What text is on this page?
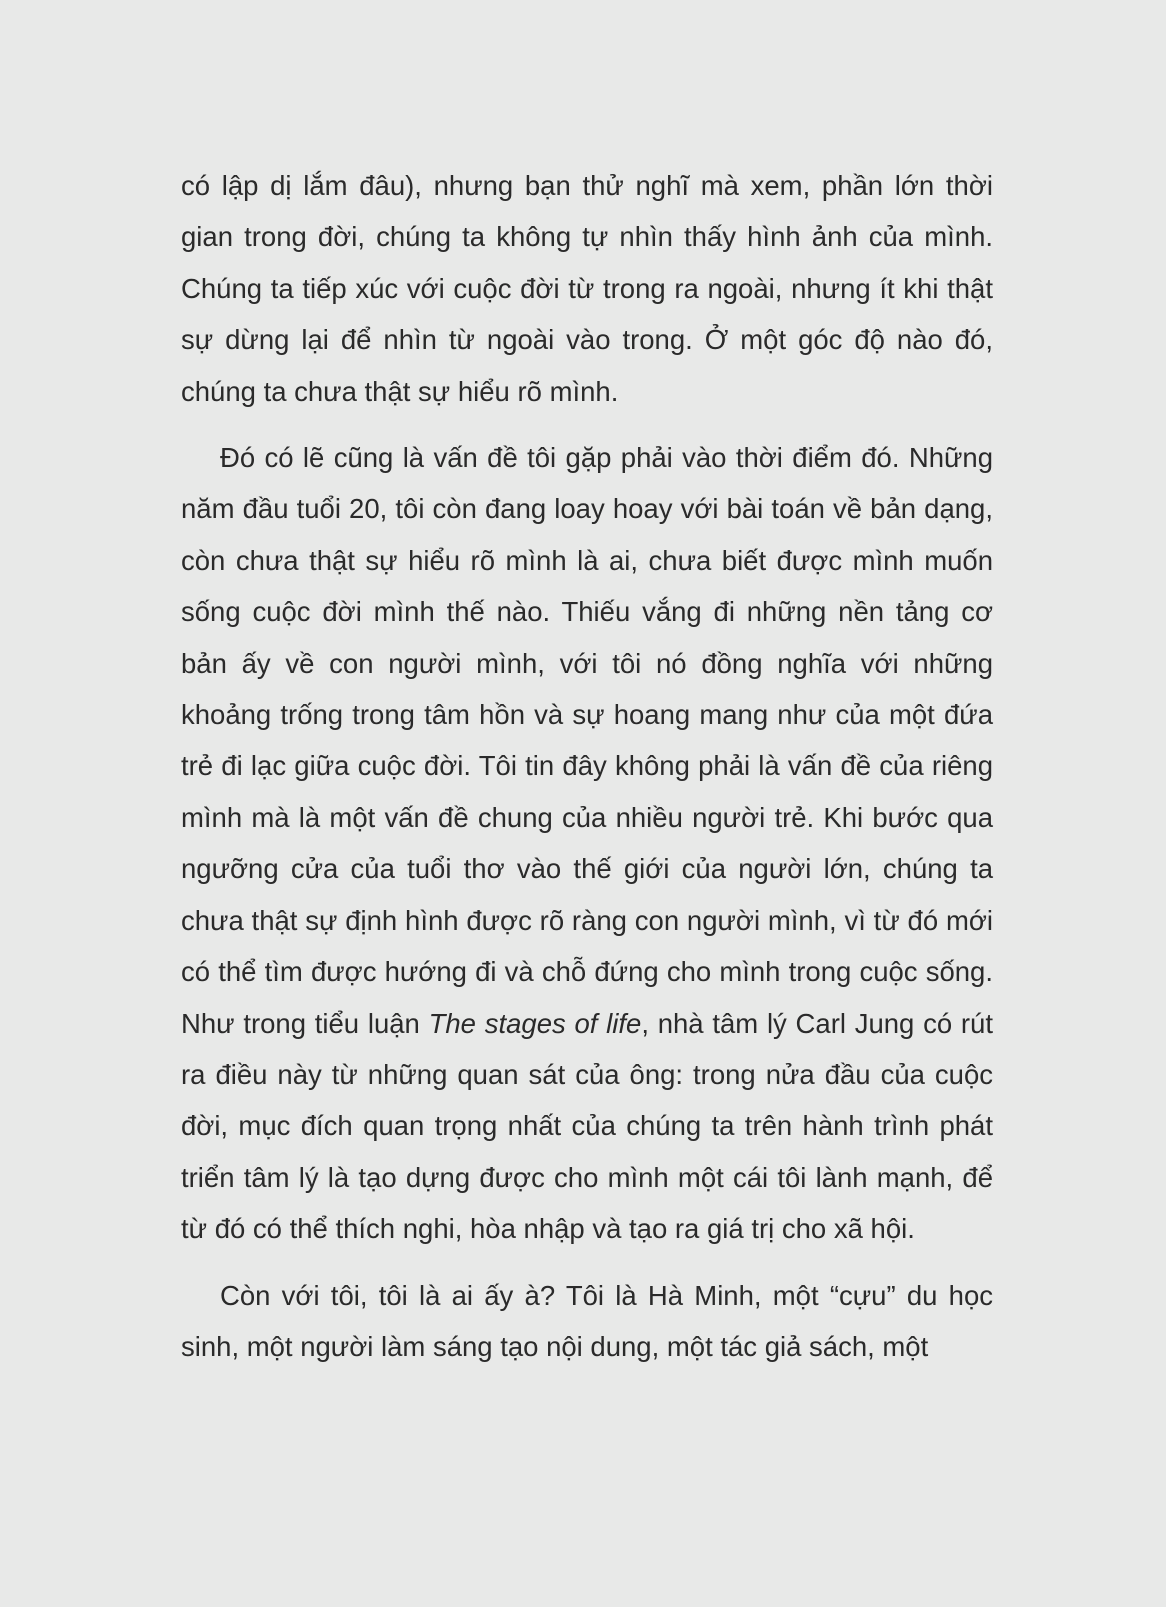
có lập dị lắm đâu), nhưng bạn thử nghĩ mà xem, phần lớn thời gian trong đời, chúng ta không tự nhìn thấy hình ảnh của mình. Chúng ta tiếp xúc với cuộc đời từ trong ra ngoài, nhưng ít khi thật sự dừng lại để nhìn từ ngoài vào trong. Ở một góc độ nào đó, chúng ta chưa thật sự hiểu rõ mình.

Đó có lẽ cũng là vấn đề tôi gặp phải vào thời điểm đó. Những năm đầu tuổi 20, tôi còn đang loay hoay với bài toán về bản dạng, còn chưa thật sự hiểu rõ mình là ai, chưa biết được mình muốn sống cuộc đời mình thế nào. Thiếu vắng đi những nền tảng cơ bản ấy về con người mình, với tôi nó đồng nghĩa với những khoảng trống trong tâm hồn và sự hoang mang như của một đứa trẻ đi lạc giữa cuộc đời. Tôi tin đây không phải là vấn đề của riêng mình mà là một vấn đề chung của nhiều người trẻ. Khi bước qua ngưỡng cửa của tuổi thơ vào thế giới của người lớn, chúng ta chưa thật sự định hình được rõ ràng con người mình, vì từ đó mới có thể tìm được hướng đi và chỗ đứng cho mình trong cuộc sống. Như trong tiểu luận The stages of life, nhà tâm lý Carl Jung có rút ra điều này từ những quan sát của ông: trong nửa đầu của cuộc đời, mục đích quan trọng nhất của chúng ta trên hành trình phát triển tâm lý là tạo dựng được cho mình một cái tôi lành mạnh, để từ đó có thể thích nghi, hòa nhập và tạo ra giá trị cho xã hội.

Còn với tôi, tôi là ai ấy à? Tôi là Hà Minh, một “cựu” du học sinh, một người làm sáng tạo nội dung, một tác giả sách, một
